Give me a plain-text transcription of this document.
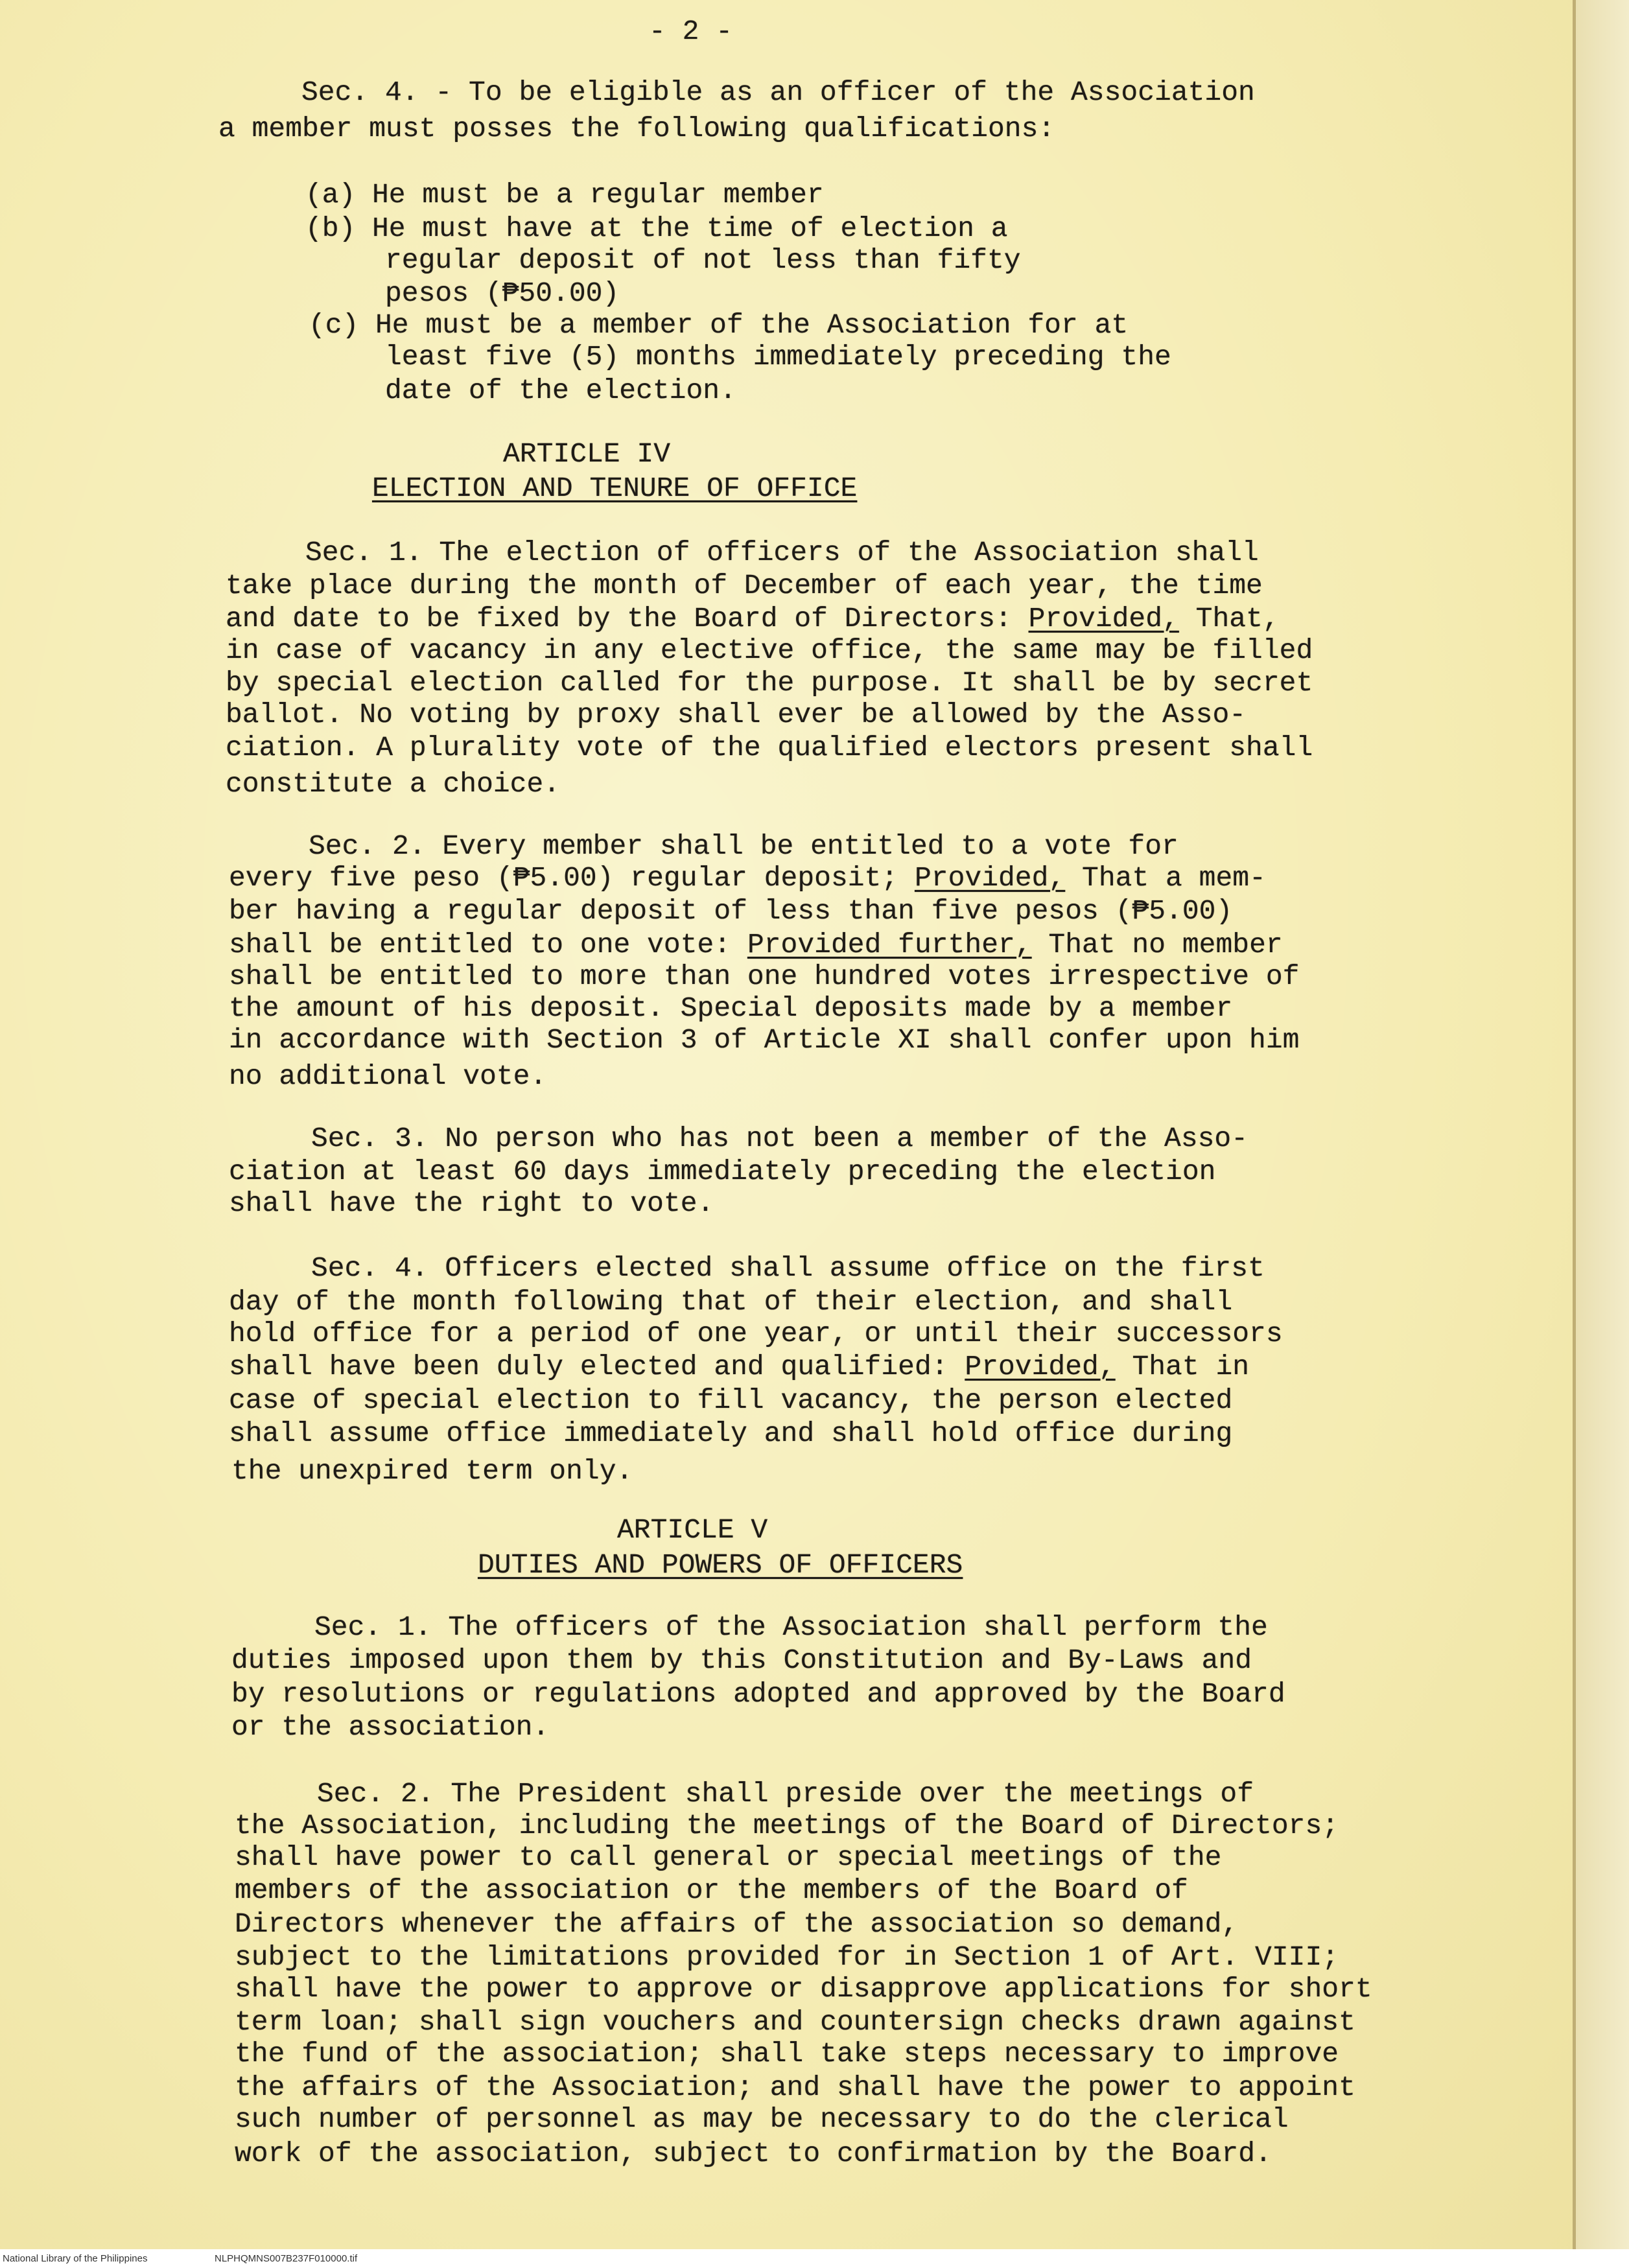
- 2 -
Sec. 4. - To be eligible as an officer of the Association
a member must posses the following qualifications:
(a) He must be a regular member
(b) He must have at the time of election a
regular deposit of not less than fifty
pesos (₱50.00)
(c) He must be a member of the Association for at
least five (5) months immediately preceding the
date of the election.
ARTICLE IV
ELECTION AND TENURE OF OFFICE
Sec. 1. The election of officers of the Association shall
take place during the month of December of each year, the time
and date to be fixed by the Board of Directors: Provided, That,
in case of vacancy in any elective office, the same may be filled
by special election called for the purpose. It shall be by secret
ballot. No voting by proxy shall ever be allowed by the Asso-
ciation. A plurality vote of the qualified electors present shall
constitute a choice.
Sec. 2. Every member shall be entitled to a vote for
every five peso (₱5.00) regular deposit; Provided, That a mem-
ber having a regular deposit of less than five pesos (₱5.00)
shall be entitled to one vote: Provided further, That no member
shall be entitled to more than one hundred votes irrespective of
the amount of his deposit. Special deposits made by a member
in accordance with Section 3 of Article XI shall confer upon him
no additional vote.
Sec. 3. No person who has not been a member of the Asso-
ciation at least 60 days immediately preceding the election
shall have the right to vote.
Sec. 4. Officers elected shall assume office on the first
day of the month following that of their election, and shall
hold office for a period of one year, or until their successors
shall have been duly elected and qualified: Provided, That in
case of special election to fill vacancy, the person elected
shall assume office immediately and shall hold office during
the unexpired term only.
ARTICLE V
DUTIES AND POWERS OF OFFICERS
Sec. 1. The officers of the Association shall perform the
duties imposed upon them by this Constitution and By-Laws and
by resolutions or regulations adopted and approved by the Board
or the association.
Sec. 2. The President shall preside over the meetings of
the Association, including the meetings of the Board of Directors;
shall have power to call general or special meetings of the
members of the association or the members of the Board of
Directors whenever the affairs of the association so demand,
subject to the limitations provided for in Section 1 of Art. VIII;
shall have the power to approve or disapprove applications for short
term loan; shall sign vouchers and countersign checks drawn against
the fund of the association; shall take steps necessary to improve
the affairs of the Association; and shall have the power to appoint
such number of personnel as may be necessary to do the clerical
work of the association, subject to confirmation by the Board.
National Library of the Philippines	NLPHQMNS007B237F010000.tif
